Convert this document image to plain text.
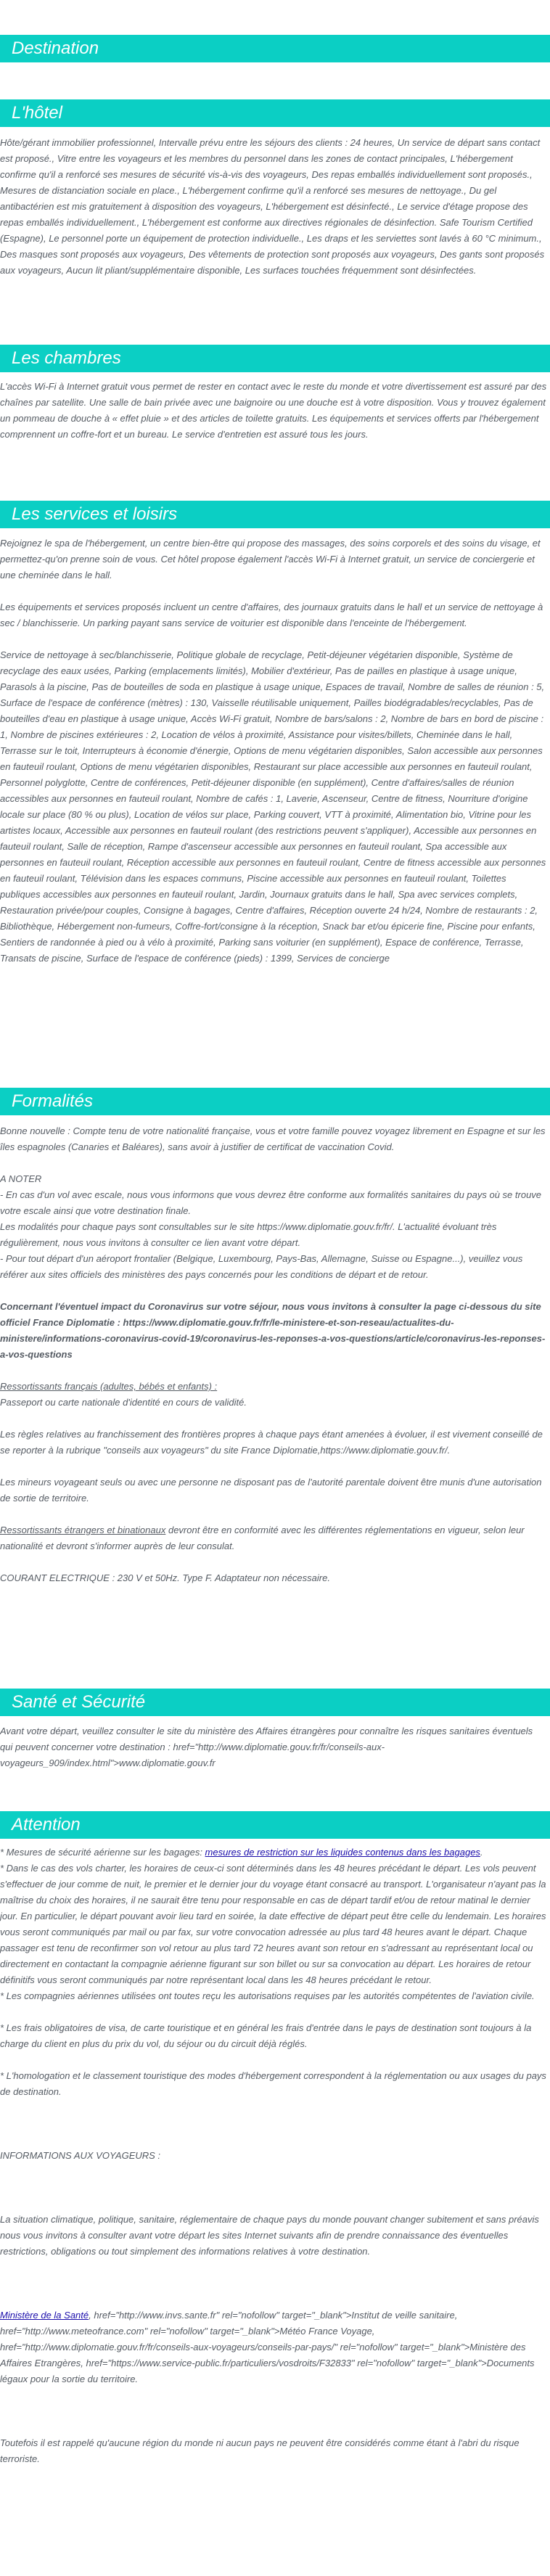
Destination
L'hôtel
Hôte/gérant immobilier professionnel, Intervalle prévu entre les séjours des clients : 24 heures, Un service de départ sans contact est proposé., Vitre entre les voyageurs et les membres du personnel dans les zones de contact principales, L'hébergement confirme qu'il a renforcé ses mesures de sécurité vis-à-vis des voyageurs, Des repas emballés individuellement sont proposés., Mesures de distanciation sociale en place., L'hébergement confirme qu'il a renforcé ses mesures de nettoyage., Du gel antibactérien est mis gratuitement à disposition des voyageurs, L'hébergement est désinfecté., Le service d'étage propose des repas emballés individuellement., L'hébergement est conforme aux directives régionales de désinfection. Safe Tourism Certified (Espagne), Le personnel porte un équipement de protection individuelle., Les draps et les serviettes sont lavés à 60 °C minimum., Des masques sont proposés aux voyageurs, Des vêtements de protection sont proposés aux voyageurs, Des gants sont proposés aux voyageurs, Aucun lit pliant/supplémentaire disponible, Les surfaces touchées fréquemment sont désinfectées.
Les chambres
L'accès Wi-Fi à Internet gratuit vous permet de rester en contact avec le reste du monde et votre divertissement est assuré par des chaînes par satellite. Une salle de bain privée avec une baignoire ou une douche est à votre disposition. Vous y trouvez également un pommeau de douche à « effet pluie » et des articles de toilette gratuits. Les équipements et services offerts par l'hébergement comprennent un coffre-fort et un bureau. Le service d'entretien est assuré tous les jours.
Les services et loisirs

Rejoignez le spa de l'hébergement, un centre bien-être qui propose des massages, des soins corporels et des soins du visage, et permettez-qu'on prenne soin de vous. Cet hôtel propose également l'accès Wi-Fi à Internet gratuit, un service de conciergerie et une cheminée dans le hall.

Les équipements et services proposés incluent un centre d'affaires, des journaux gratuits dans le hall et un service de nettoyage à sec / blanchisserie. Un parking payant sans service de voiturier est disponible dans l'enceinte de l'hébergement.

Service de nettoyage à sec/blanchisserie, Politique globale de recyclage, Petit-déjeuner végétarien disponible, Système de recyclage des eaux usées, Parking (emplacements limités), Mobilier d'extérieur, Pas de pailles en plastique à usage unique, Parasols à la piscine, Pas de bouteilles de soda en plastique à usage unique, Espaces de travail, Nombre de salles de réunion : 5, Surface de l'espace de conférence (mètres) : 130, Vaisselle réutilisable uniquement, Pailles biodégradables/recyclables, Pas de bouteilles d'eau en plastique à usage unique, Accès Wi-Fi gratuit, Nombre de bars/salons : 2, Nombre de bars en bord de piscine : 1, Nombre de piscines extérieures : 2, Location de vélos à proximité, Assistance pour visites/billets, Cheminée dans le hall, Terrasse sur le toit, Interrupteurs à économie d'énergie, Options de menu végétarien disponibles, Salon accessible aux personnes en fauteuil roulant, Options de menu végétarien disponibles, Restaurant sur place accessible aux personnes en fauteuil roulant, Personnel polyglotte, Centre de conférences, Petit-déjeuner disponible (en supplément), Centre d'affaires/salles de réunion accessibles aux personnes en fauteuil roulant, Nombre de cafés : 1, Laverie, Ascenseur, Centre de fitness, Nourriture d'origine locale sur place (80 % ou plus), Location de vélos sur place, Parking couvert, VTT à proximité, Alimentation bio, Vitrine pour les artistes locaux, Accessible aux personnes en fauteuil roulant (des restrictions peuvent s'appliquer), Accessible aux personnes en fauteuil roulant, Salle de réception, Rampe d'ascenseur accessible aux personnes en fauteuil roulant, Spa accessible aux personnes en fauteuil roulant, Réception accessible aux personnes en fauteuil roulant, Centre de fitness accessible aux personnes en fauteuil roulant, Télévision dans les espaces communs, Piscine accessible aux personnes en fauteuil roulant, Toilettes publiques accessibles aux personnes en fauteuil roulant, Jardin, Journaux gratuits dans le hall, Spa avec services complets, Restauration privée/pour couples, Consigne à bagages, Centre d'affaires, Réception ouverte 24 h/24, Nombre de restaurants : 2, Bibliothèque, Hébergement non-fumeurs, Coffre-fort/consigne à la réception, Snack bar et/ou épicerie fine, Piscine pour enfants, Sentiers de randonnée à pied ou à vélo à proximité, Parking sans voiturier (en supplément), Espace de conférence, Terrasse, Transats de piscine, Surface de l'espace de conférence (pieds) : 1399, Services de concierge

Formalités

Bonne nouvelle : Compte tenu de votre nationalité française, vous et votre famille pouvez voyagez librement en Espagne et sur les îles espagnoles (Canaries et Baléares), sans avoir à justifier de certificat de vaccination Covid.

A NOTER

- En cas d'un vol avec escale, nous vous informons que vous devrez être conforme aux formalités sanitaires du pays où se trouve votre escale ainsi que votre destination finale.

Les modalités pour chaque pays sont consultables sur le site https://www.diplomatie.gouv.fr/fr/. L'actualité évoluant très régulièrement, nous vous invitons à consulter ce lien avant votre départ.

- Pour tout départ d'un aéroport frontalier (Belgique, Luxembourg, Pays-Bas, Allemagne, Suisse ou Espagne...), veuillez vous référer aux sites officiels des ministères des pays concernés pour les conditions de départ et de retour.

Concernant l'éventuel impact du Coronavirus sur votre séjour, nous vous invitons à consulter la page ci-dessous du site officiel France Diplomatie : https://www.diplomatie.gouv.fr/fr/le-ministere-et-son-reseau/actualites-du-ministere/informations-coronavirus-covid-19/coronavirus-les-reponses-a-vos-questions/article/coronavirus-les-reponses-a-vos-questions

Ressortissants français (adultes, bébés et enfants) :

Passeport ou carte nationale d'identité en cours de validité.

Les règles relatives au franchissement des frontières propres à chaque pays étant amenées à évoluer, il est vivement conseillé de se reporter à la rubrique "conseils aux voyageurs" du site France Diplomatie,https://www.diplomatie.gouv.fr/.

Les mineurs voyageant seuls ou avec une personne ne disposant pas de l'autorité parentale doivent être munis d'une autorisation de sortie de territoire.

Ressortissants étrangers et binationaux devront être en conformité avec les différentes réglementations en vigueur, selon leur nationalité et devront s'informer auprès de leur consulat.

COURANT ELECTRIQUE : 230 V et 50Hz. Type F. Adaptateur non nécessaire.

Santé et Sécurité
Avant votre départ, veuillez consulter le site du ministère des Affaires étrangères pour connaître les risques sanitaires éventuels qui peuvent concerner votre destination : href="http://www.diplomatie.gouv.fr/fr/conseils-aux-voyageurs_909/index.html">www.diplomatie.gouv.fr
Attention

* Mesures de sécurité aérienne sur les bagages: mesures de restriction sur les liquides contenus dans les bagages.

* Dans le cas des vols charter, les horaires de ceux-ci sont déterminés dans les 48 heures précédant le départ. Les vols peuvent s'effectuer de jour comme de nuit, le premier et le dernier jour du voyage étant consacré au transport. L'organisateur n'ayant pas la maîtrise du choix des horaires, il ne saurait être tenu pour responsable en cas de départ tardif et/ou de retour matinal le dernier jour. En particulier, le départ pouvant avoir lieu tard en soirée, la date effective de départ peut être celle du lendemain. Les horaires vous seront communiqués par mail ou par fax, sur votre convocation adressée au plus tard 48 heures avant le départ. Chaque passager est tenu de reconfirmer son vol retour au plus tard 72 heures avant son retour en s'adressant au représentant local ou directement en contactant la compagnie aérienne figurant sur son billet ou sur sa convocation au départ. Les horaires de retour définitifs vous seront communiqués par notre représentant local dans les 48 heures précédant le retour.

* Les compagnies aériennes utilisées ont toutes reçu les autorisations requises par les autorités compétentes de l'aviation civile.

* Les frais obligatoires de visa, de carte touristique et en général les frais d'entrée dans le pays de destination sont toujours à la charge du client en plus du prix du vol, du séjour ou du circuit déjà réglés.

* L'homologation et le classement touristique des modes d'hébergement correspondent à la réglementation ou aux usages du pays de destination.

INFORMATIONS AUX VOYAGEURS :

La situation climatique, politique, sanitaire, réglementaire de chaque pays du monde pouvant changer subitement et sans préavis
nous vous invitons à consulter avant votre départ les sites Internet suivants afin de prendre connaissance des éventuelles restrictions, obligations ou tout simplement des informations relatives à votre destination.

Ministère de la Santé, href="http://www.invs.sante.fr" rel="nofollow" target="_blank">Institut de veille sanitaire, href="http://www.meteofrance.com" rel="nofollow" target="_blank">Météo France Voyage, href="http://www.diplomatie.gouv.fr/fr/conseils-aux-voyageurs/conseils-par-pays/" rel="nofollow" target="_blank">Ministère des Affaires Etrangères, href="https://www.service-public.fr/particuliers/vosdroits/F32833" rel="nofollow" target="_blank">Documents légaux pour la sortie du territoire.

Toutefois il est rappelé qu'aucune région du monde ni aucun pays ne peuvent être considérés comme étant à l'abri du risque terroriste.
